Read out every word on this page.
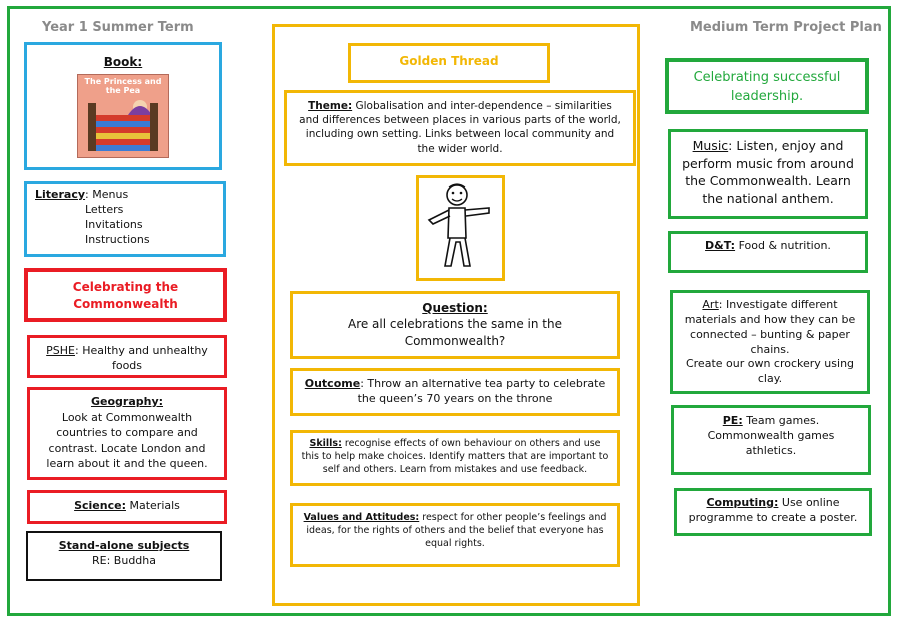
Year 1 Summer Term	Medium Term Project Plan
Book:
The Princess and the Pea
Literacy : Menus
Letters
Invitations
Instructions
Celebrating the Commonwealth
PSHE: Healthy and unhealthy foods
Geography:
Look at Commonwealth countries to compare and contrast. Locate London and learn about it and the queen.
Science: Materials
Stand-alone subjects
RE: Buddha
Golden Thread
Theme: Globalisation and inter-dependence – similarities and differences between places in various parts of the world, including own setting. Links between local community and the wider world.
Question:
Are all celebrations the same in the Commonwealth?
Outcome: Throw an alternative tea party to celebrate the queen’s 70 years on the throne
Skills: recognise effects of own behaviour on others and use this to help make choices. Identify matters that are important to self and others. Learn from mistakes and use feedback.
Values and Attitudes: respect for other people’s feelings and ideas, for the rights of others and the belief that everyone has equal rights.
Celebrating successful leadership.
Music: Listen, enjoy and perform music from around the Commonwealth. Learn the national anthem.
D&T: Food & nutrition.
Art: Investigate different materials and how they can be connected – bunting & paper chains.
Create our own crockery using clay.
PE: Team games.
Commonwealth games athletics.
Computing: Use online programme to create a poster.
